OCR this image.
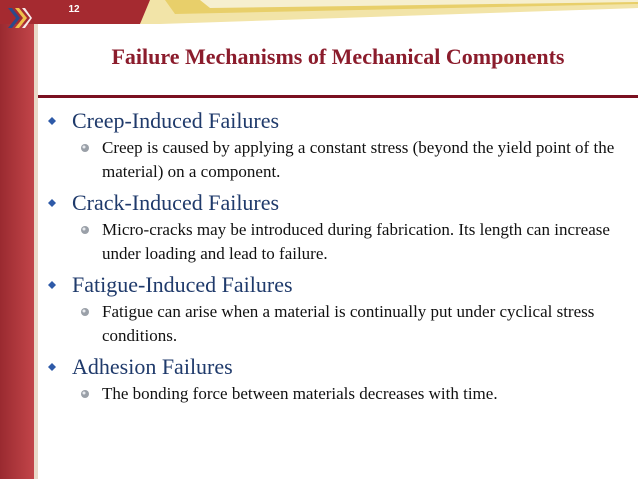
12
Failure Mechanisms of Mechanical Components
Creep-Induced Failures
Creep is caused by applying a constant stress (beyond the yield point of the material) on a component.
Crack-Induced Failures
Micro-cracks may be introduced during fabrication. Its length can increase under loading and lead to failure.
Fatigue-Induced Failures
Fatigue can arise when a material is continually put under cyclical stress conditions.
Adhesion Failures
The bonding force between materials decreases with time.
